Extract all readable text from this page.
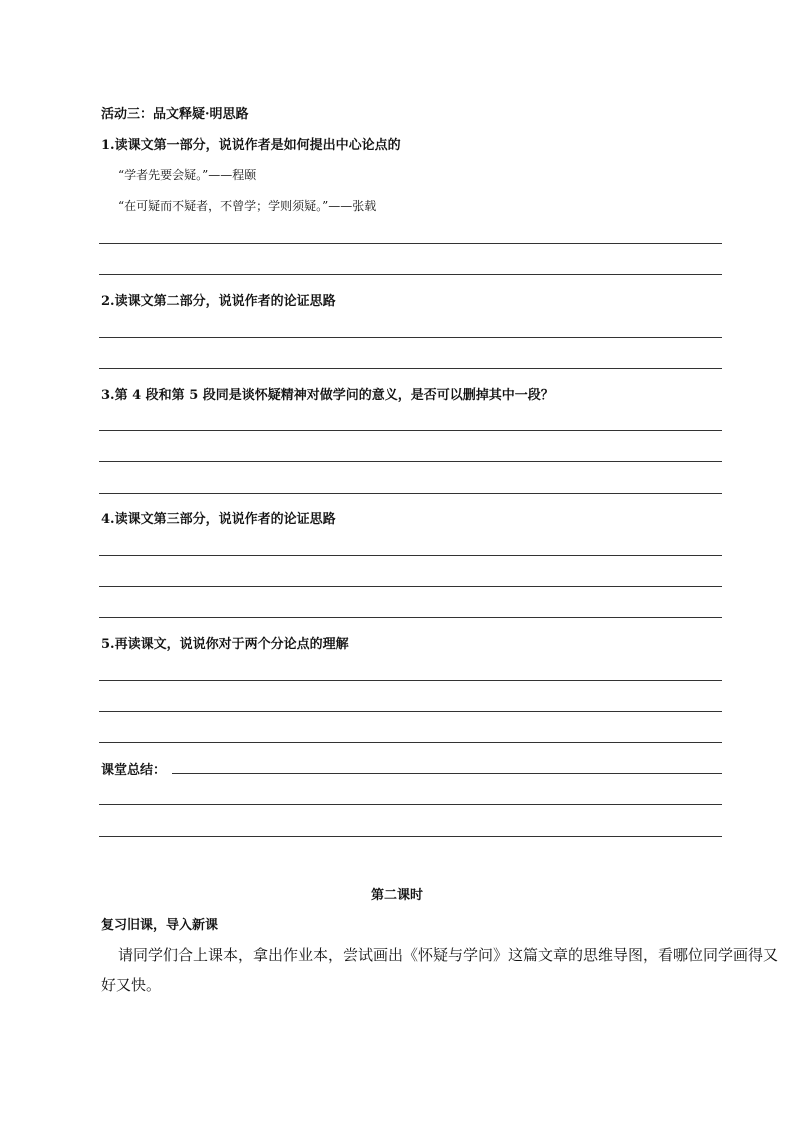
活动三：品文释疑·明思路
1.读课文第一部分，说说作者是如何提出中心论点的
“学者先要会疑。”——程颐
“在可疑而不疑者，不曾学；学则须疑。”——张载
2.读课文第二部分，说说作者的论证思路
3.第 4 段和第 5 段同是谈怀疑精神对做学问的意义，是否可以删掉其中一段？
4.读课文第三部分，说说作者的论证思路
5.再读课文，说说你对于两个分论点的理解
课堂总结：
第二课时
复习旧课，导入新课
请同学们合上课本，拿出作业本，尝试画出《怀疑与学问》这篇文章的思维导图，看哪位同学画得又
好又快。
